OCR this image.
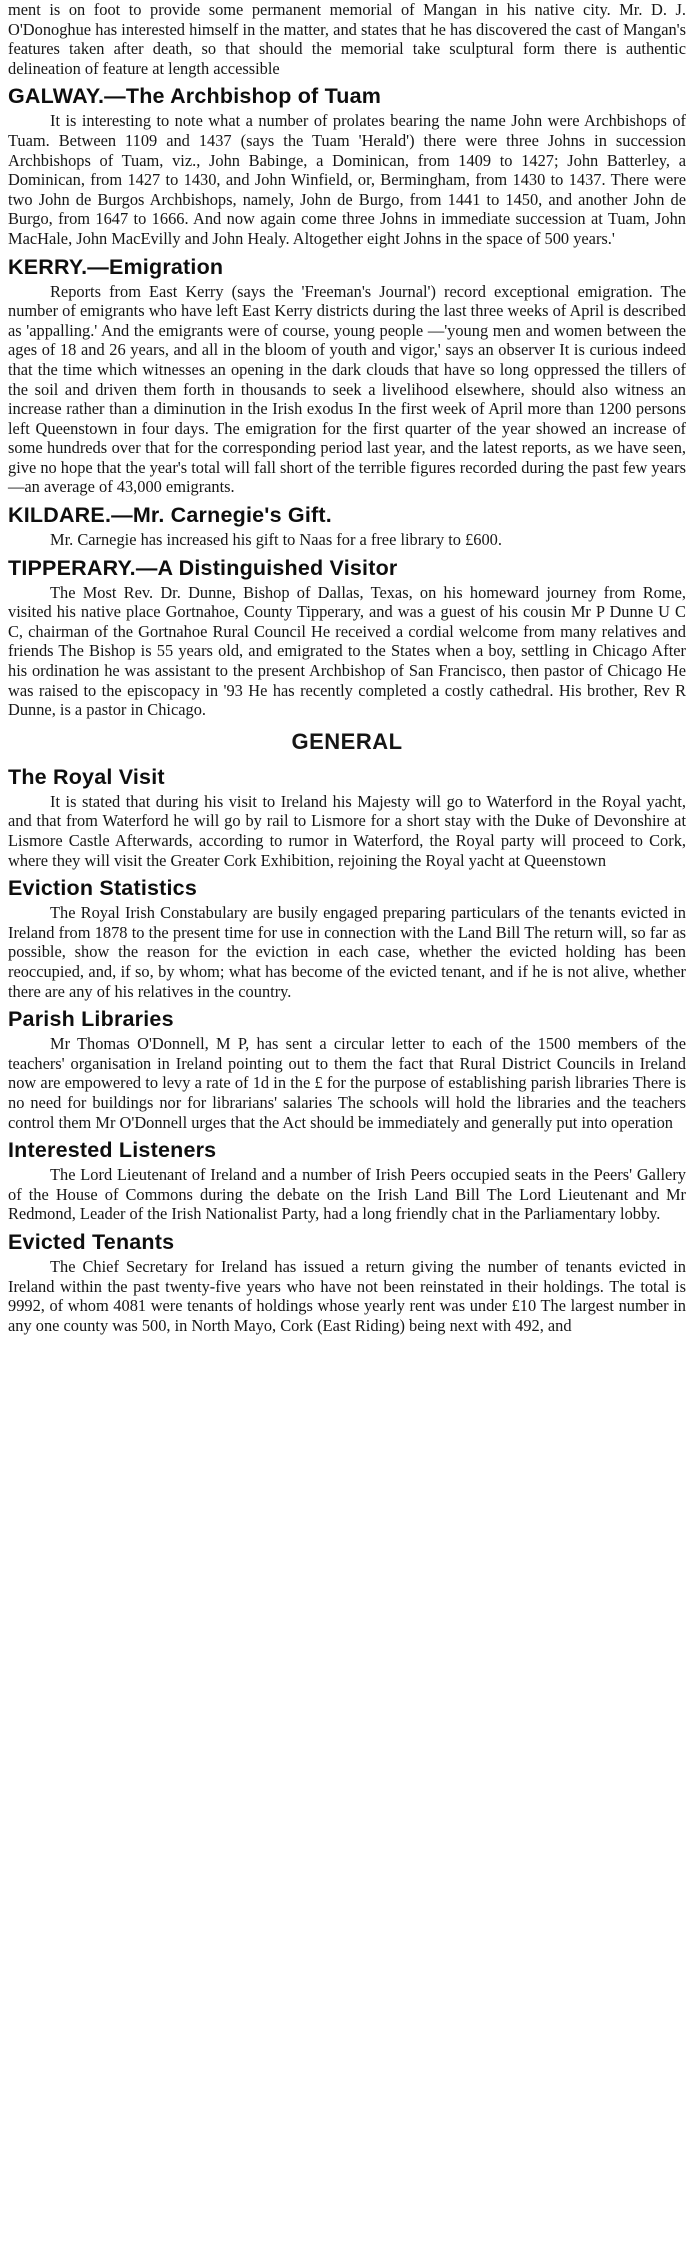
ment is on foot to provide some permanent memorial of Mangan in his native city. Mr. D. J. O'Donoghue has interested himself in the matter, and states that he has discovered the cast of Mangan's features taken after death, so that should the memorial take sculptural form there is authentic delineation of feature at length accessible

GALWAY.—The Archbishop of Tuam

It is interesting to note what a number of prolates bearing the name John were Archbishops of Tuam. Between 1109 and 1437 (says the Tuam 'Herald') there were three Johns in succession Archbishops of Tuam, viz., John Babinge, a Dominican, from 1409 to 1427; John Batterley, a Dominican, from 1427 to 1430, and John Winfield, or, Bermingham, from 1430 to 1437. There were two John de Burgos Archbishops, namely, John de Burgo, from 1441 to 1450, and another John de Burgo, from 1647 to 1666. And now again come three Johns in immediate succession at Tuam, John MacHale, John MacEvilly and John Healy. Altogether eight Johns in the space of 500 years.'

KERRY.—Emigration

Reports from East Kerry (says the 'Freeman's Journal') record exceptional emigration. The number of emigrants who have left East Kerry districts during the last three weeks of April is described as 'appalling.' And the emigrants were of course, young people —'young men and women between the ages of 18 and 26 years, and all in the bloom of youth and vigor,' says an observer It is curious indeed that the time which witnesses an opening in the dark clouds that have so long oppressed the tillers of the soil and driven them forth in thousands to seek a livelihood elsewhere, should also witness an increase rather than a diminution in the Irish exodus In the first week of April more than 1200 persons left Queenstown in four days. The emigration for the first quarter of the year showed an increase of some hundreds over that for the corresponding period last year, and the latest reports, as we have seen, give no hope that the year's total will fall short of the terrible figures recorded during the past few years—an average of 43,000 emigrants.

KILDARE.—Mr. Carnegie's Gift.

Mr. Carnegie has increased his gift to Naas for a free library to £600.

TIPPERARY.—A Distinguished Visitor

The Most Rev. Dr. Dunne, Bishop of Dallas, Texas, on his homeward journey from Rome, visited his native place Gortnahoe, County Tipperary, and was a guest of his cousin Mr P Dunne U C C, chairman of the Gortnahoe Rural Council He received a cordial welcome from many relatives and friends The Bishop is 55 years old, and emigrated to the States when a boy, settling in Chicago After his ordination he was assistant to the present Archbishop of San Francisco, then pastor of Chicago He was raised to the episcopacy in '93 He has recently completed a costly cathedral. His brother, Rev R Dunne, is a pastor in Chicago.

GENERAL
The Royal Visit

It is stated that during his visit to Ireland his Majesty will go to Waterford in the Royal yacht, and that from Waterford he will go by rail to Lismore for a short stay with the Duke of Devonshire at Lismore Castle Afterwards, according to rumor in Waterford, the Royal party will proceed to Cork, where they will visit the Greater Cork Exhibition, rejoining the Royal yacht at Queenstown

Eviction Statistics

The Royal Irish Constabulary are busily engaged preparing particulars of the tenants evicted in Ireland from 1878 to the present time for use in connection with the Land Bill The return will, so far as possible, show the reason for the eviction in each case, whether the evicted holding has been reoccupied, and, if so, by whom; what has become of the evicted tenant, and if he is not alive, whether there are any of his relatives in the country.

Parish Libraries

Mr Thomas O'Donnell, M P, has sent a circular letter to each of the 1500 members of the teachers' organisation in Ireland pointing out to them the fact that Rural District Councils in Ireland now are empowered to levy a rate of 1d in the £ for the purpose of establishing parish libraries There is no need for buildings nor for librarians' salaries The schools will hold the libraries and the teachers control them Mr O'Donnell urges that the Act should be immediately and generally put into operation

Interested Listeners

The Lord Lieutenant of Ireland and a number of Irish Peers occupied seats in the Peers' Gallery of the House of Commons during the debate on the Irish Land Bill The Lord Lieutenant and Mr Redmond, Leader of the Irish Nationalist Party, had a long friendly chat in the Parliamentary lobby.

Evicted Tenants

The Chief Secretary for Ireland has issued a return giving the number of tenants evicted in Ireland within the past twenty-five years who have not been reinstated in their holdings. The total is 9992, of whom 4081 were tenants of holdings whose yearly rent was under £10 The largest number in any one county was 500, in North Mayo, Cork (East Riding) being next with 492, and
